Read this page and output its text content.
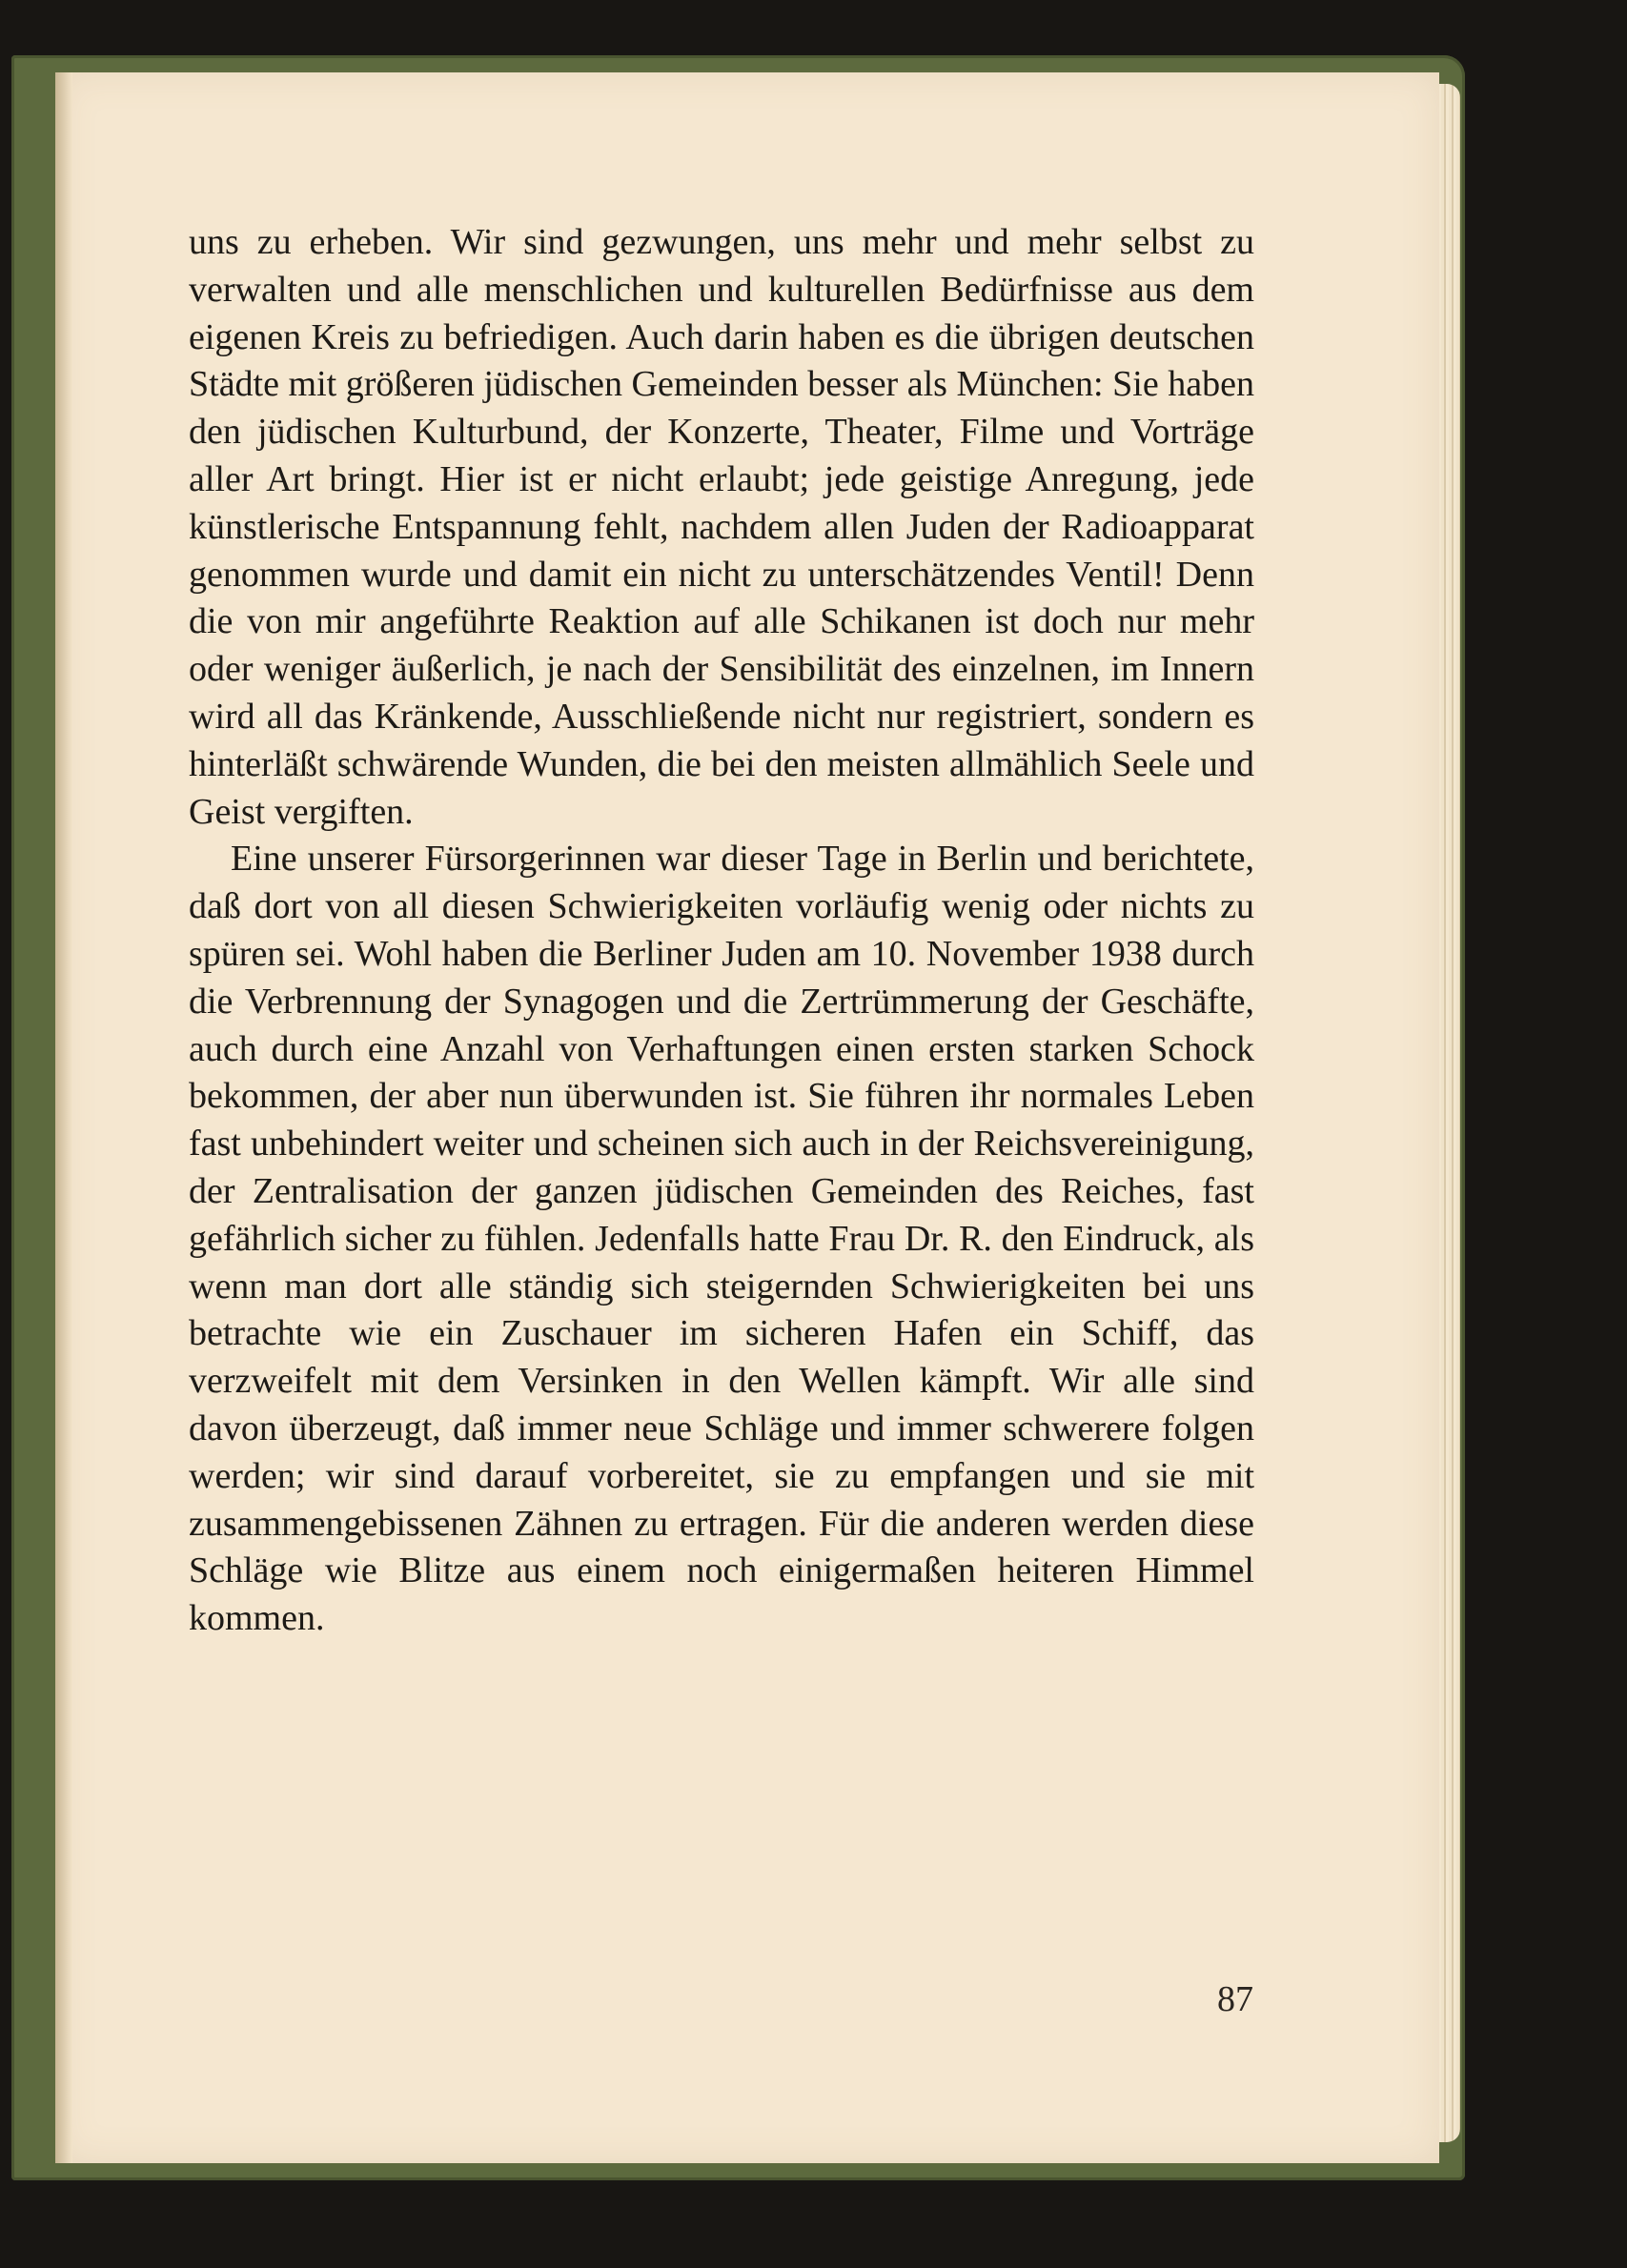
uns zu erheben. Wir sind gezwungen, uns mehr und mehr selbst zu verwalten und alle menschlichen und kulturellen Bedürfnisse aus dem eigenen Kreis zu befriedigen. Auch darin haben es die übrigen deutschen Städte mit größeren jüdischen Gemeinden besser als München: Sie haben den jüdischen Kulturbund, der Konzerte, Theater, Filme und Vorträge aller Art bringt. Hier ist er nicht erlaubt; jede geistige Anregung, jede künstlerische Entspannung fehlt, nachdem allen Juden der Radioapparat genommen wurde und damit ein nicht zu unterschätzendes Ventil! Denn die von mir angeführte Reaktion auf alle Schikanen ist doch nur mehr oder weniger äußerlich, je nach der Sensibilität des einzelnen, im Innern wird all das Kränkende, Ausschließende nicht nur registriert, sondern es hinterläßt schwärende Wunden, die bei den meisten allmählich Seele und Geist vergiften.

Eine unserer Fürsorgerinnen war dieser Tage in Berlin und berichtete, daß dort von all diesen Schwierigkeiten vorläufig wenig oder nichts zu spüren sei. Wohl haben die Berliner Juden am 10. November 1938 durch die Verbrennung der Synagogen und die Zertrümmerung der Geschäfte, auch durch eine Anzahl von Verhaftungen einen ersten starken Schock bekommen, der aber nun überwunden ist. Sie führen ihr normales Leben fast unbehindert weiter und scheinen sich auch in der Reichsvereinigung, der Zentralisation der ganzen jüdischen Gemeinden des Reiches, fast gefährlich sicher zu fühlen. Jedenfalls hatte Frau Dr. R. den Eindruck, als wenn man dort alle ständig sich steigernden Schwierigkeiten bei uns betrachte wie ein Zuschauer im sicheren Hafen ein Schiff, das verzweifelt mit dem Versinken in den Wellen kämpft. Wir alle sind davon überzeugt, daß immer neue Schläge und immer schwerere folgen werden; wir sind darauf vorbereitet, sie zu empfangen und sie mit zusammengebissenen Zähnen zu ertragen. Für die anderen werden diese Schläge wie Blitze aus einem noch einigermaßen heiteren Himmel kommen.

87
